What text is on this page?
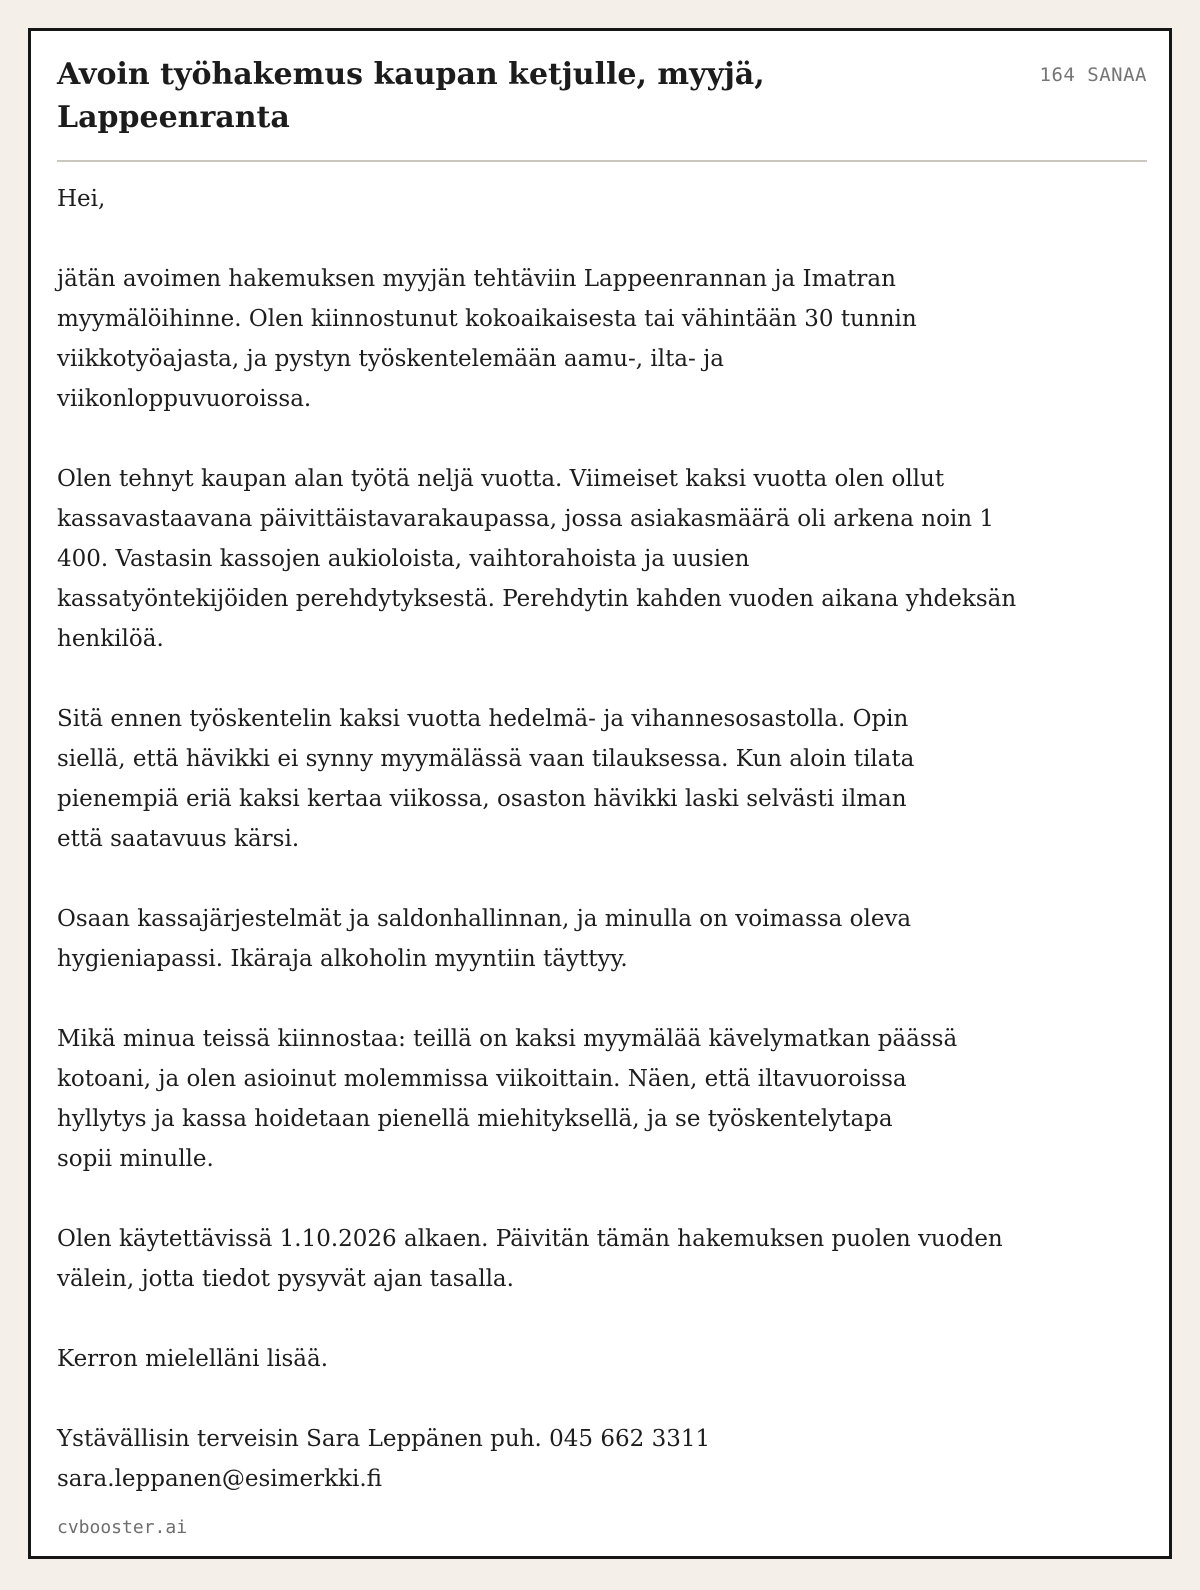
Avoin työhakemus kaupan ketjulle, myyjä, Lappeenranta
164 SANAA

Hei,

jätän avoimen hakemuksen myyjän tehtäviin Lappeenrannan ja Imatran
myymälöihinne. Olen kiinnostunut kokoaikaisesta tai vähintään 30 tunnin
viikkotyöajasta, ja pystyn työskentelemään aamu-, ilta- ja
viikonloppuvuoroissa.

Olen tehnyt kaupan alan työtä neljä vuotta. Viimeiset kaksi vuotta olen ollut
kassavastaavana päivittäistavarakaupassa, jossa asiakasmäärä oli arkena noin 1
400. Vastasin kassojen aukioloista, vaihtorahoista ja uusien
kassatyöntekijöiden perehdytyksestä. Perehdytin kahden vuoden aikana yhdeksän
henkilöä.

Sitä ennen työskentelin kaksi vuotta hedelmä- ja vihannesosastolla. Opin
siellä, että hävikki ei synny myymälässä vaan tilauksessa. Kun aloin tilata
pienempiä eriä kaksi kertaa viikossa, osaston hävikki laski selvästi ilman
että saatavuus kärsi.

Osaan kassajärjestelmät ja saldonhallinnan, ja minulla on voimassa oleva
hygieniapassi. Ikäraja alkoholin myyntiin täyttyy.

Mikä minua teissä kiinnostaa: teillä on kaksi myymälää kävelymatkan päässä
kotoani, ja olen asioinut molemmissa viikoittain. Näen, että iltavuoroissa
hyllytys ja kassa hoidetaan pienellä miehityksellä, ja se työskentelytapa
sopii minulle.

Olen käytettävissä 1.10.2026 alkaen. Päivitän tämän hakemuksen puolen vuoden
välein, jotta tiedot pysyvät ajan tasalla.

Kerron mielelläni lisää.

Ystävällisin terveisin Sara Leppänen puh. 045 662 3311
sara.leppanen@esimerkki.fi

cvbooster.ai
